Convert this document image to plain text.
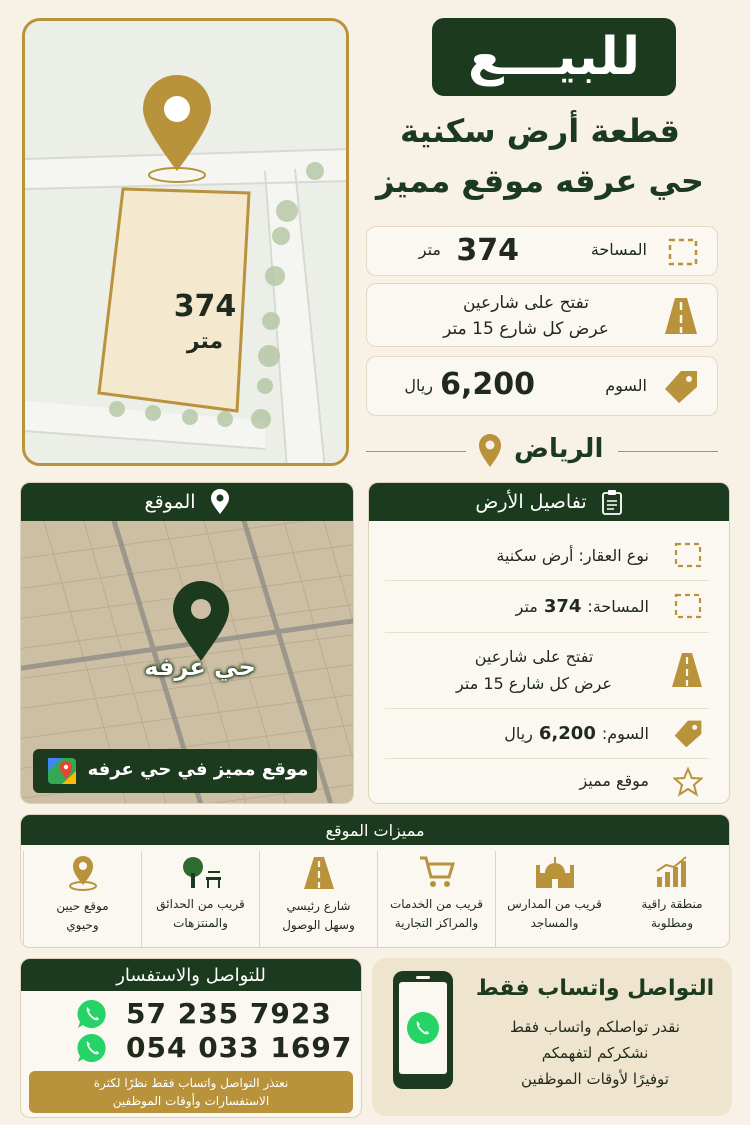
374
متر
للبيـــع
قطعة أرض سكنية
حي عرقه موقع مميز
المساحة
374
متر
تفتح على شارعين
عرض كل شارع 15 متر
السوم
6,200
ريال
الرياض
الموقع
حي عرفه
موقع مميز في حي عرفه
تفاصيل الأرض
نوع العقار: أرض سكنية
المساحة:
374
متر
تفتح على شارعين
عرض كل شارع 15 متر
السوم:
6,200
ريال
موقع مميز
مميزات الموقع
منطقة راقية
ومطلوبة
قريب من المدارس
والمساجد
قريب من الخدمات
والمراكز التجارية
شارع رئيسي
وسهل الوصول
قريب من الحدائق
والمنتزهات
موقع حيين
وحيوي
للتواصل والاستفسار
57 235 7923
054 033 1697
نعتذر التواصل واتساب فقط نظرًا لكثرة
الاستفسارات وأوقات الموظفين
التواصل واتساب فقط
نقدر تواصلكم واتساب فقط
نشكركم لتفهمكم
توفيرًا لأوقات الموظفين
